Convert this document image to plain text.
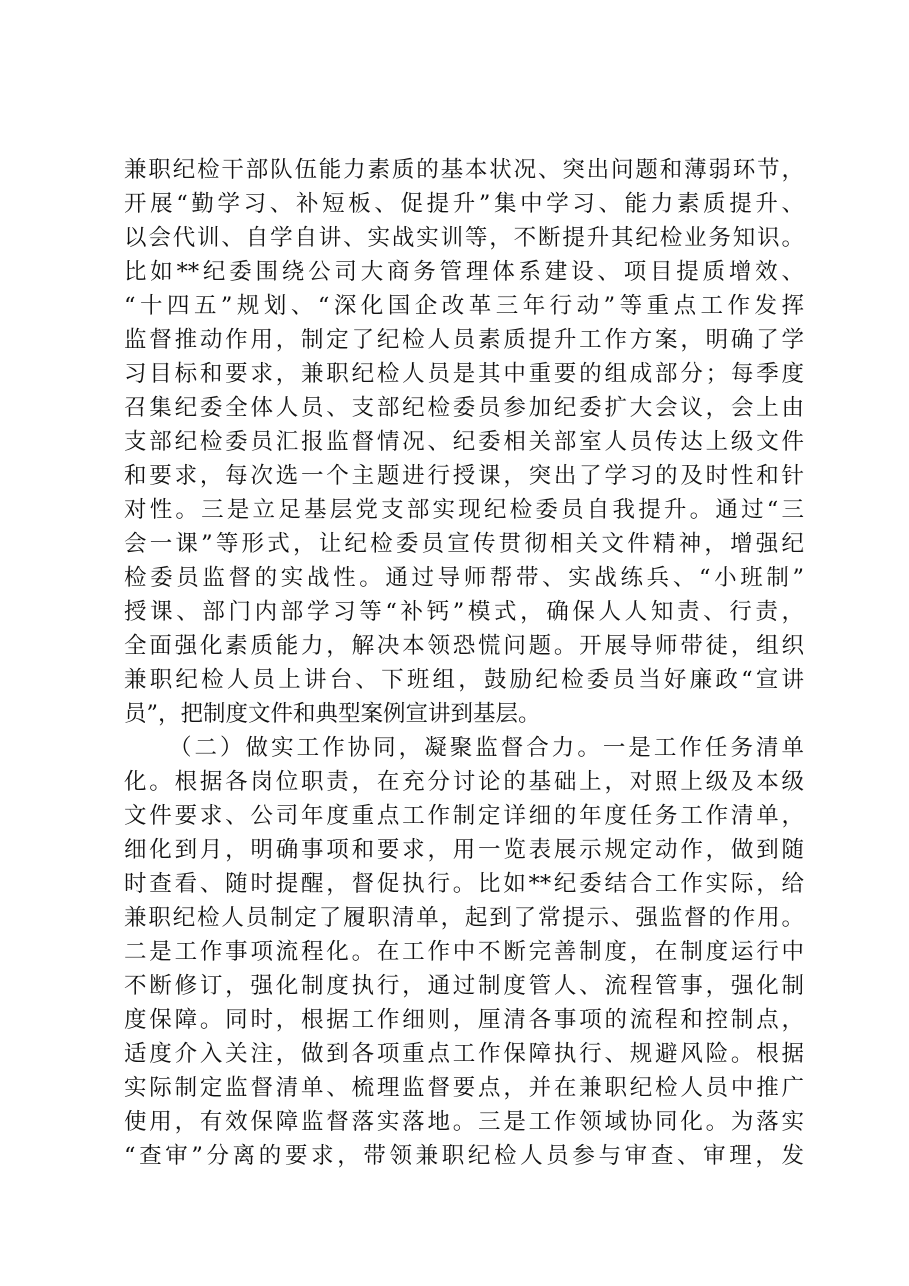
兼职纪检干部队伍能力素质的基本状况、突出问题和薄弱环节，
开展“勤学习、补短板、促提升”集中学习、能力素质提升、
以会代训、自学自讲、实战实训等，不断提升其纪检业务知识。
比如**纪委围绕公司大商务管理体系建设、项目提质增效、
“十四五”规划、“深化国企改革三年行动”等重点工作发挥
监督推动作用，制定了纪检人员素质提升工作方案，明确了学
习目标和要求，兼职纪检人员是其中重要的组成部分；每季度
召集纪委全体人员、支部纪检委员参加纪委扩大会议，会上由
支部纪检委员汇报监督情况、纪委相关部室人员传达上级文件
和要求，每次选一个主题进行授课，突出了学习的及时性和针
对性。三是立足基层党支部实现纪检委员自我提升。通过“三
会一课”等形式，让纪检委员宣传贯彻相关文件精神，增强纪
检委员监督的实战性。通过导师帮带、实战练兵、“小班制”
授课、部门内部学习等“补钙”模式，确保人人知责、行责，
全面强化素质能力，解决本领恐慌问题。开展导师带徒，组织
兼职纪检人员上讲台、下班组，鼓励纪检委员当好廉政“宣讲
员”，把制度文件和典型案例宣讲到基层。
（二）做实工作协同，凝聚监督合力。一是工作任务清单
化。根据各岗位职责，在充分讨论的基础上，对照上级及本级
文件要求、公司年度重点工作制定详细的年度任务工作清单，
细化到月，明确事项和要求，用一览表展示规定动作，做到随
时查看、随时提醒，督促执行。比如**纪委结合工作实际，给
兼职纪检人员制定了履职清单，起到了常提示、强监督的作用。
二是工作事项流程化。在工作中不断完善制度，在制度运行中
不断修订，强化制度执行，通过制度管人、流程管事，强化制
度保障。同时，根据工作细则，厘清各事项的流程和控制点，
适度介入关注，做到各项重点工作保障执行、规避风险。根据
实际制定监督清单、梳理监督要点，并在兼职纪检人员中推广
使用，有效保障监督落实落地。三是工作领域协同化。为落实
“查审”分离的要求，带领兼职纪检人员参与审查、审理，发
